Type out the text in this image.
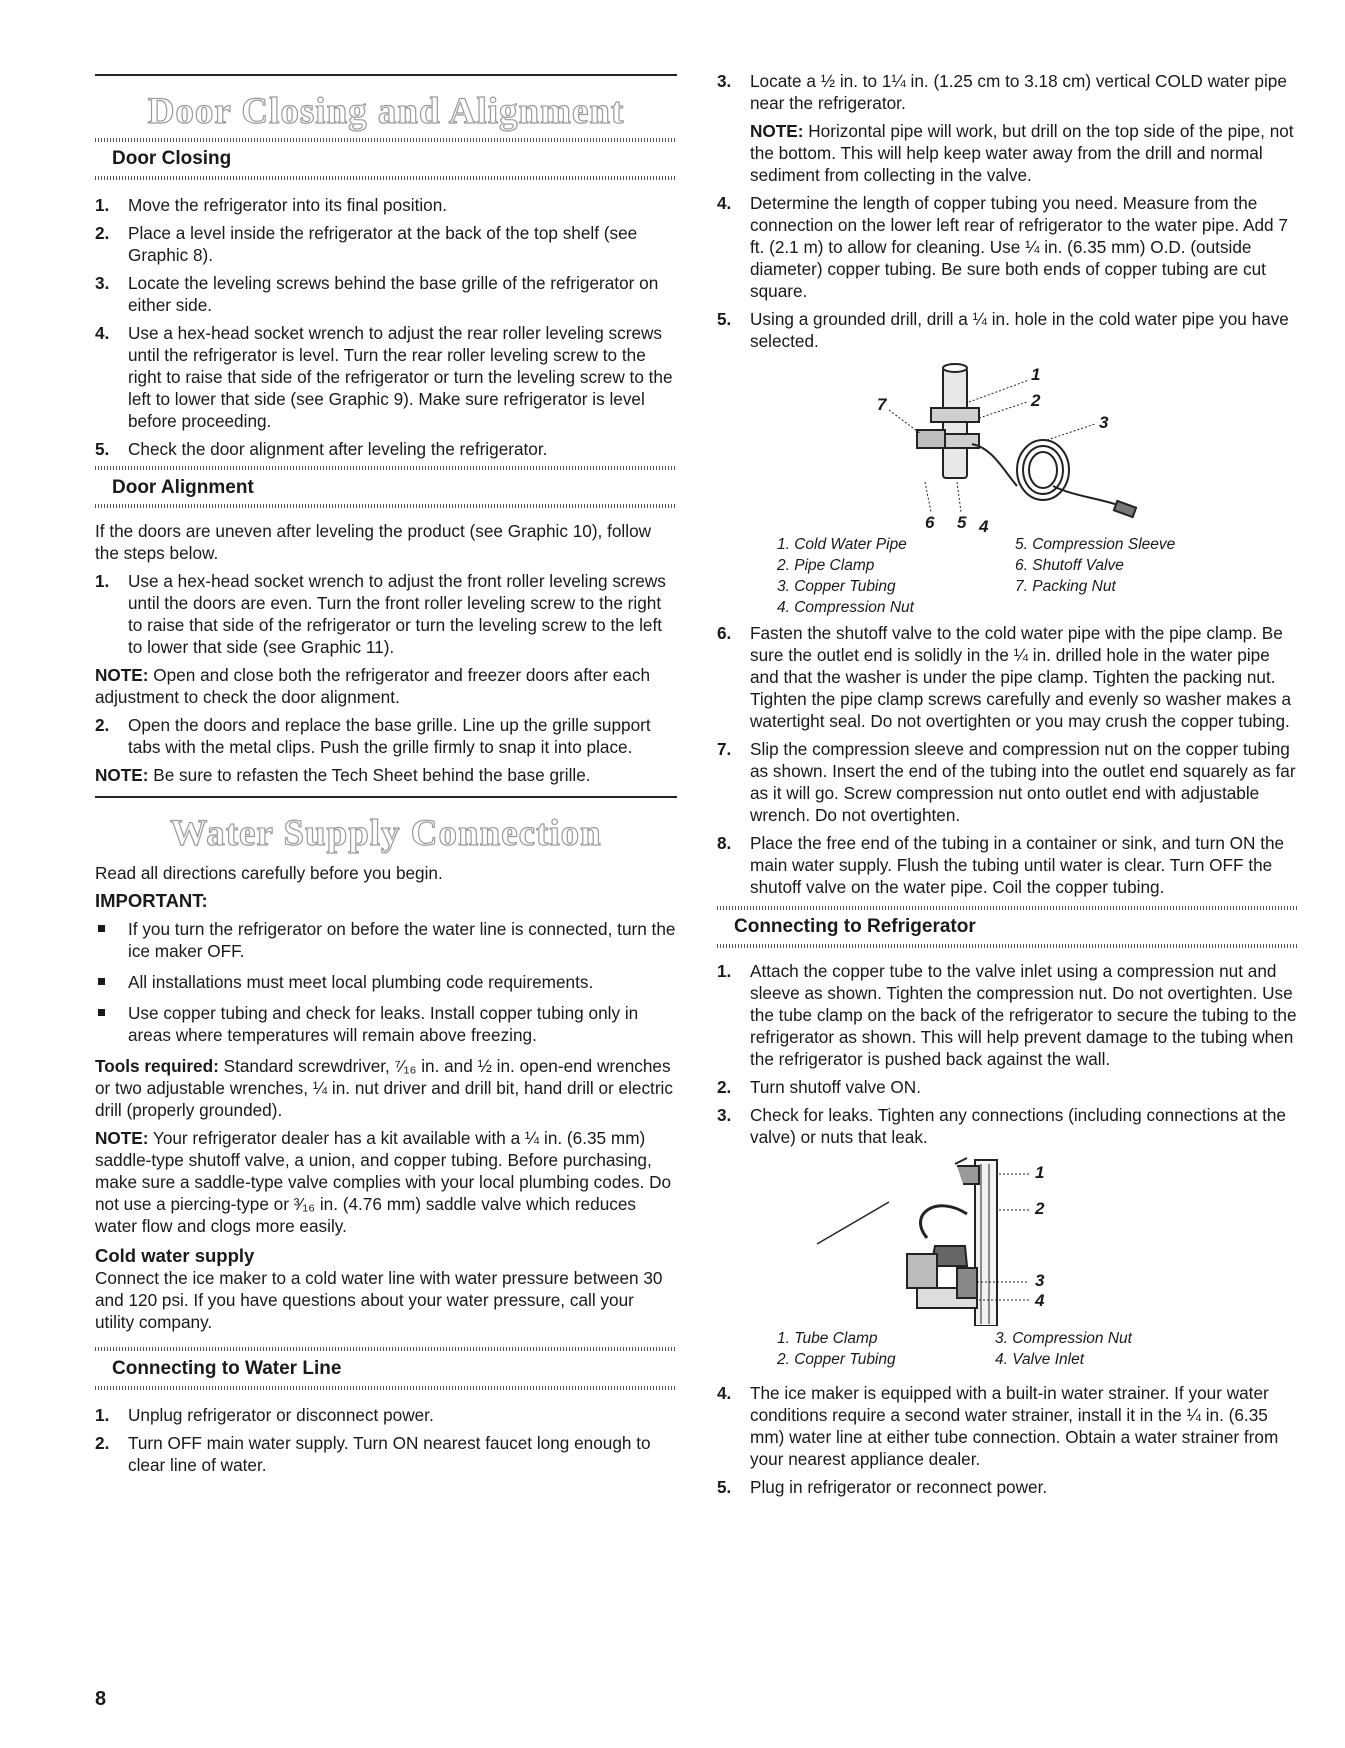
Door Closing and Alignment
Door Closing
1. Move the refrigerator into its final position.
2. Place a level inside the refrigerator at the back of the top shelf (see Graphic 8).
3. Locate the leveling screws behind the base grille of the refrigerator on either side.
4. Use a hex-head socket wrench to adjust the rear roller leveling screws until the refrigerator is level. Turn the rear roller leveling screw to the right to raise that side of the refrigerator or turn the leveling screw to the left to lower that side (see Graphic 9). Make sure refrigerator is level before proceeding.
5. Check the door alignment after leveling the refrigerator.
Door Alignment

If the doors are uneven after leveling the product (see Graphic 10), follow the steps below.

1. Use a hex-head socket wrench to adjust the front roller leveling screws until the doors are even. Turn the front roller leveling screw to the right to raise that side of the refrigerator or turn the leveling screw to the left to lower that side (see Graphic 11).

NOTE: Open and close both the refrigerator and freezer doors after each adjustment to check the door alignment.

2. Open the doors and replace the base grille. Line up the grille support tabs with the metal clips. Push the grille firmly to snap it into place.

NOTE: Be sure to refasten the Tech Sheet behind the base grille.

Water Supply Connection

Read all directions carefully before you begin.

IMPORTANT:

If you turn the refrigerator on before the water line is connected, turn the ice maker OFF.
All installations must meet local plumbing code requirements.
Use copper tubing and check for leaks. Install copper tubing only in areas where temperatures will remain above freezing.

Tools required: Standard screwdriver, ⁷⁄₁₆ in. and ½ in. open-end wrenches or two adjustable wrenches, ¼ in. nut driver and drill bit, hand drill or electric drill (properly grounded).

NOTE: Your refrigerator dealer has a kit available with a ¼ in. (6.35 mm) saddle-type shutoff valve, a union, and copper tubing. Before purchasing, make sure a saddle-type valve complies with your local plumbing codes. Do not use a piercing-type or ³⁄₁₆ in. (4.76 mm) saddle valve which reduces water flow and clogs more easily.

Cold water supply

Connect the ice maker to a cold water line with water pressure between 30 and 120 psi. If you have questions about your water pressure, call your utility company.

Connecting to Water Line
1. Unplug refrigerator or disconnect power.
2. Turn OFF main water supply. Turn ON nearest faucet long enough to clear line of water.
8
3. Locate a ½ in. to 1¼ in. (1.25 cm to 3.18 cm) vertical COLD water pipe near the refrigerator.

NOTE: Horizontal pipe will work, but drill on the top side of the pipe, not the bottom. This will help keep water away from the drill and normal sediment from collecting in the valve.

4. Determine the length of copper tubing you need. Measure from the connection on the lower left rear of refrigerator to the water pipe. Add 7 ft. (2.1 m) to allow for cleaning. Use ¼ in. (6.35 mm) O.D. (outside diameter) copper tubing. Be sure both ends of copper tubing are cut square.
5. Using a grounded drill, drill a ¼ in. hole in the cold water pipe you have selected.
1
2
3
4
5
6
7
1. Cold Water Pipe
2. Pipe Clamp
3. Copper Tubing
4. Compression Nut
5. Compression Sleeve
6. Shutoff Valve
7. Packing Nut
6. Fasten the shutoff valve to the cold water pipe with the pipe clamp. Be sure the outlet end is solidly in the ¼ in. drilled hole in the water pipe and that the washer is under the pipe clamp. Tighten the packing nut. Tighten the pipe clamp screws carefully and evenly so washer makes a watertight seal. Do not overtighten or you may crush the copper tubing.
7. Slip the compression sleeve and compression nut on the copper tubing as shown. Insert the end of the tubing into the outlet end squarely as far as it will go. Screw compression nut onto outlet end with adjustable wrench. Do not overtighten.
8. Place the free end of the tubing in a container or sink, and turn ON the main water supply. Flush the tubing until water is clear. Turn OFF the shutoff valve on the water pipe. Coil the copper tubing.
Connecting to Refrigerator
1. Attach the copper tube to the valve inlet using a compression nut and sleeve as shown. Tighten the compression nut. Do not overtighten. Use the tube clamp on the back of the refrigerator to secure the tubing to the refrigerator as shown. This will help prevent damage to the tubing when the refrigerator is pushed back against the wall.
2. Turn shutoff valve ON.
3. Check for leaks. Tighten any connections (including connections at the valve) or nuts that leak.
1
2
3
4
1. Tube Clamp
2. Copper Tubing
3. Compression Nut
4. Valve Inlet
4. The ice maker is equipped with a built-in water strainer. If your water conditions require a second water strainer, install it in the ¼ in. (6.35 mm) water line at either tube connection. Obtain a water strainer from your nearest appliance dealer.
5. Plug in refrigerator or reconnect power.
